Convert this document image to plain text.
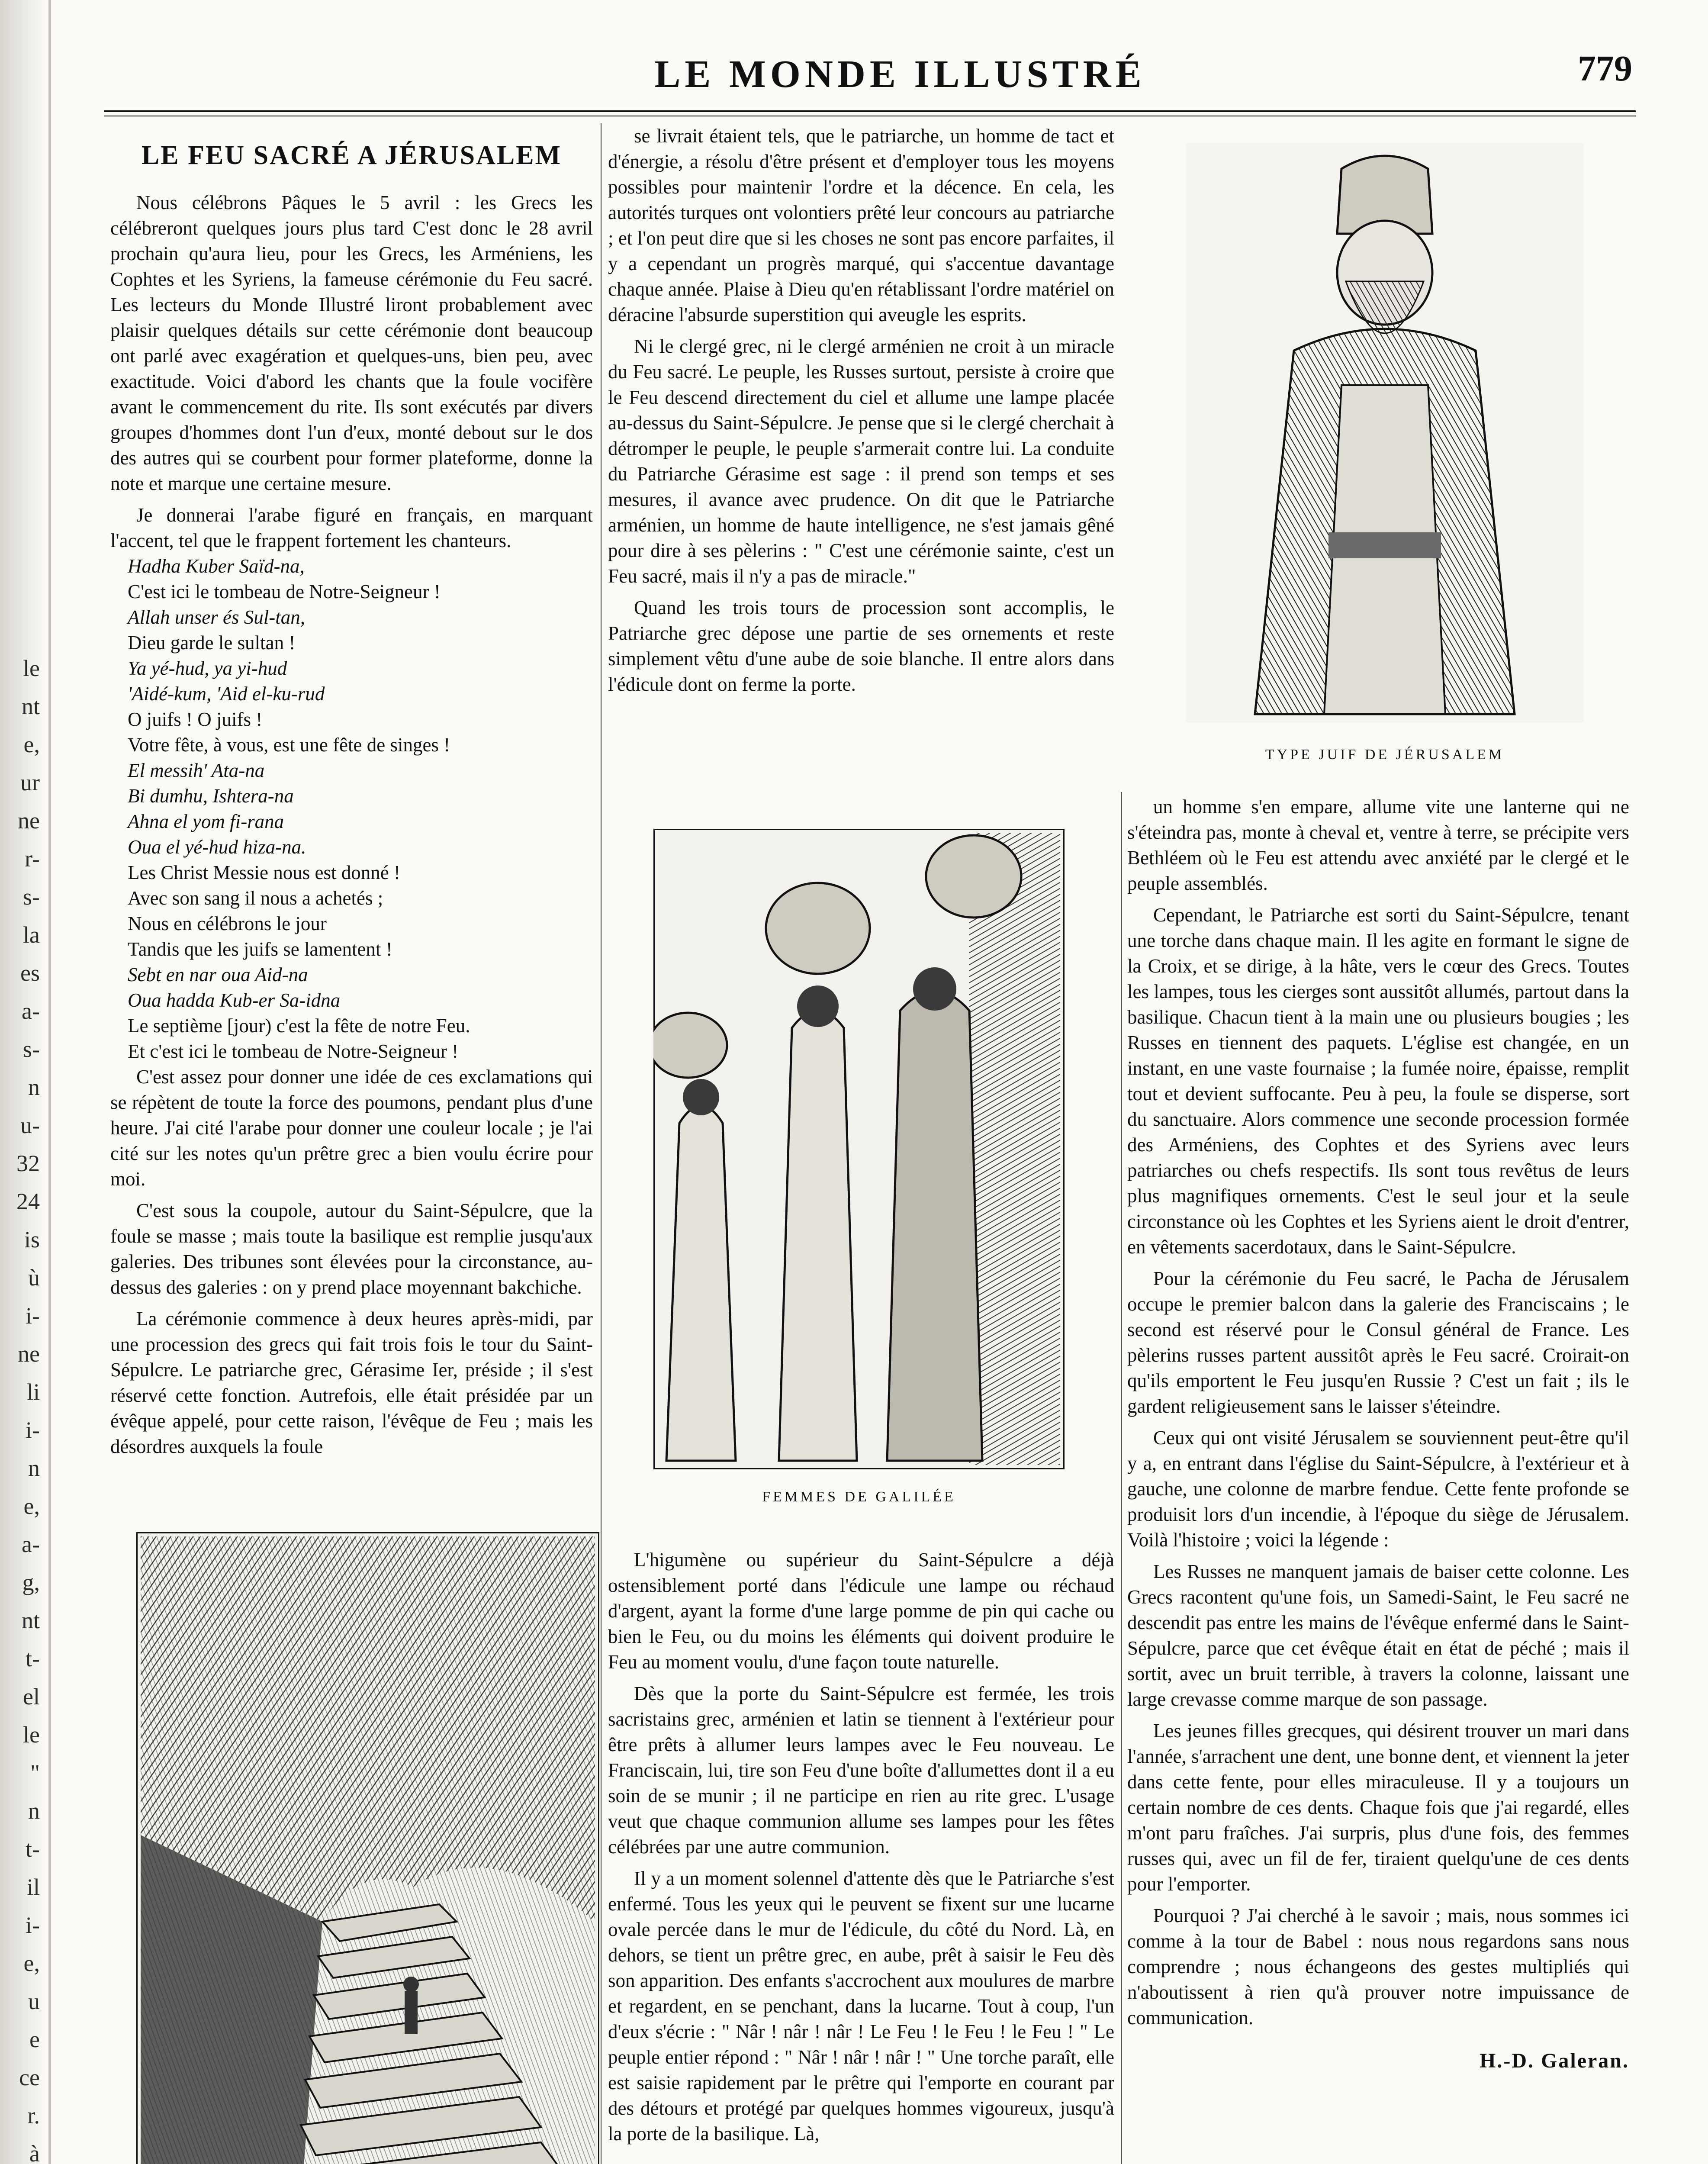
le
nt
e,
ur
ne
r-
s-
la
es
a-
s-
n
u-
32
24
is
ù
i-
ne
li
i-
n
e,
a-
g,
nt
t-
el
le
"
n
t-
il
i-
e,
u
e
ce
r.
à
LE MONDE ILLUSTRÉ	779
LE FEU SACRÉ A JÉRUSALEM

Nous célébrons Pâques le 5 avril : les Grecs les célébreront quelques jours plus tard C'est donc le 28 avril prochain qu'aura lieu, pour les Grecs, les Arméniens, les Cophtes et les Syriens, la fameuse cérémonie du Feu sacré. Les lecteurs du Monde Illustré liront probablement avec plaisir quelques détails sur cette cérémonie dont beaucoup ont parlé avec exagération et quelques-uns, bien peu, avec exactitude. Voici d'abord les chants que la foule vocifère avant le commencement du rite. Ils sont exécutés par divers groupes d'hommes dont l'un d'eux, monté debout sur le dos des autres qui se courbent pour former plateforme, donne la note et marque une certaine mesure.

Je donnerai l'arabe figuré en français, en marquant l'accent, tel que le frappent fortement les chanteurs.

Hadha Kuber Saïd-na,

C'est ici le tombeau de Notre-Seigneur !

Allah unser és Sul-tan,

Dieu garde le sultan !

Ya yé-hud, ya yi-hud

'Aidé-kum, 'Aid el-ku-rud

O juifs ! O juifs !

Votre fête, à vous, est une fête de singes !

El messih' Ata-na

Bi dumhu, Ishtera-na

Ahna el yom fi-rana

Oua el yé-hud hiza-na.

Les Christ Messie nous est donné !

Avec son sang il nous a achetés ;

Nous en célébrons le jour

Tandis que les juifs se lamentent !

Sebt en nar oua Aid-na

Oua hadda Kub-er Sa-idna

Le septième [jour) c'est la fête de notre Feu.

Et c'est ici le tombeau de Notre-Seigneur !

C'est assez pour donner une idée de ces exclamations qui se répètent de toute la force des poumons, pendant plus d'une heure. J'ai cité l'arabe pour donner une couleur locale ; je l'ai cité sur les notes qu'un prêtre grec a bien voulu écrire pour moi.

C'est sous la coupole, autour du Saint-Sépulcre, que la foule se masse ; mais toute la basilique est remplie jusqu'aux galeries. Des tribunes sont élevées pour la circonstance, au-dessus des galeries : on y prend place moyennant bakchiche.

La cérémonie commence à deux heures après-midi, par une procession des grecs qui fait trois fois le tour du Saint-Sépulcre. Le patriarche grec, Gérasime Ier, préside ; il s'est réservé cette fonction. Autrefois, elle était présidée par un évêque appelé, pour cette raison, l'évêque de Feu ; mais les désordres auxquels la foule

se livrait étaient tels, que le patriarche, un homme de tact et d'énergie, a résolu d'être présent et d'employer tous les moyens possibles pour maintenir l'ordre et la décence. En cela, les autorités turques ont volontiers prêté leur concours au patriarche ; et l'on peut dire que si les choses ne sont pas encore parfaites, il y a cependant un progrès marqué, qui s'accentue davantage chaque année. Plaise à Dieu qu'en rétablissant l'ordre matériel on déracine l'absurde superstition qui aveugle les esprits.

Ni le clergé grec, ni le clergé arménien ne croit à un miracle du Feu sacré. Le peuple, les Russes surtout, persiste à croire que le Feu descend directement du ciel et allume une lampe placée au-dessus du Saint-Sépulcre. Je pense que si le clergé cherchait à détromper le peuple, le peuple s'armerait contre lui. La conduite du Patriarche Gérasime est sage : il prend son temps et ses mesures, il avance avec prudence. On dit que le Patriarche arménien, un homme de haute intelligence, ne s'est jamais gêné pour dire à ses pèlerins : " C'est une cérémonie sainte, c'est un Feu sacré, mais il n'y a pas de miracle."

Quand les trois tours de procession sont accomplis, le Patriarche grec dépose une partie de ses ornements et reste simplement vêtu d'une aube de soie blanche. Il entre alors dans l'édicule dont on ferme la porte.

FEMMES DE GALILÉE

L'higumène ou supérieur du Saint-Sépulcre a déjà ostensiblement porté dans l'édicule une lampe ou réchaud d'argent, ayant la forme d'une large pomme de pin qui cache ou bien le Feu, ou du moins les éléments qui doivent produire le Feu au moment voulu, d'une façon toute naturelle.

Dès que la porte du Saint-Sépulcre est fermée, les trois sacristains grec, arménien et latin se tiennent à l'extérieur pour être prêts à allumer leurs lampes avec le Feu nouveau. Le Franciscain, lui, tire son Feu d'une boîte d'allumettes dont il a eu soin de se munir ; il ne participe en rien au rite grec. L'usage veut que chaque communion allume ses lampes pour les fêtes célébrées par une autre communion.

Il y a un moment solennel d'attente dès que le Patriarche s'est enfermé. Tous les yeux qui le peuvent se fixent sur une lucarne ovale percée dans le mur de l'édicule, du côté du Nord. Là, en dehors, se tient un prêtre grec, en aube, prêt à saisir le Feu dès son apparition. Des enfants s'accrochent aux moulures de marbre et regardent, en se penchant, dans la lucarne. Tout à coup, l'un d'eux s'écrie : " Nâr ! nâr ! nâr ! Le Feu ! le Feu ! le Feu ! " Le peuple entier répond : " Nâr ! nâr ! nâr ! " Une torche paraît, elle est saisie rapidement par le prêtre qui l'emporte en courant par des détours et protégé par quelques hommes vigoureux, jusqu'à la porte de la basilique. Là,

TYPE JUIF DE JÉRUSALEM

un homme s'en empare, allume vite une lanterne qui ne s'éteindra pas, monte à cheval et, ventre à terre, se précipite vers Bethléem où le Feu est attendu avec anxiété par le clergé et le peuple assemblés.

Cependant, le Patriarche est sorti du Saint-Sépulcre, tenant une torche dans chaque main. Il les agite en formant le signe de la Croix, et se dirige, à la hâte, vers le cœur des Grecs. Toutes les lampes, tous les cierges sont aussitôt allumés, partout dans la basilique. Chacun tient à la main une ou plusieurs bougies ; les Russes en tiennent des paquets. L'église est changée, en un instant, en une vaste fournaise ; la fumée noire, épaisse, remplit tout et devient suffocante. Peu à peu, la foule se disperse, sort du sanctuaire. Alors commence une seconde procession formée des Arméniens, des Cophtes et des Syriens avec leurs patriarches ou chefs respectifs. Ils sont tous revêtus de leurs plus magnifiques ornements. C'est le seul jour et la seule circonstance où les Cophtes et les Syriens aient le droit d'entrer, en vêtements sacerdotaux, dans le Saint-Sépulcre.

Pour la cérémonie du Feu sacré, le Pacha de Jérusalem occupe le premier balcon dans la galerie des Franciscains ; le second est réservé pour le Consul général de France. Les pèlerins russes partent aussitôt après le Feu sacré. Croirait-on qu'ils emportent le Feu jusqu'en Russie ? C'est un fait ; ils le gardent religieusement sans le laisser s'éteindre.

Ceux qui ont visité Jérusalem se souviennent peut-être qu'il y a, en entrant dans l'église du Saint-Sépulcre, à l'extérieur et à gauche, une colonne de marbre fendue. Cette fente profonde se produisit lors d'un incendie, à l'époque du siège de Jérusalem. Voilà l'histoire ; voici la légende :

Les Russes ne manquent jamais de baiser cette colonne. Les Grecs racontent qu'une fois, un Samedi-Saint, le Feu sacré ne descendit pas entre les mains de l'évêque enfermé dans le Saint-Sépulcre, parce que cet évêque était en état de péché ; mais il sortit, avec un bruit terrible, à travers la colonne, laissant une large crevasse comme marque de son passage.

Les jeunes filles grecques, qui désirent trouver un mari dans l'année, s'arrachent une dent, une bonne dent, et viennent la jeter dans cette fente, pour elles miraculeuse. Il y a toujours un certain nombre de ces dents. Chaque fois que j'ai regardé, elles m'ont paru fraîches. J'ai surpris, plus d'une fois, des femmes russes qui, avec un fil de fer, tiraient quelqu'une de ces dents pour l'emporter.

Pourquoi ? J'ai cherché à le savoir ; mais, nous sommes ici comme à la tour de Babel : nous nous regardons sans nous comprendre ; nous échangeons des gestes multipliés qui n'aboutissent à rien qu'à prouver notre impuissance de communication.

H.-D. Galeran.
